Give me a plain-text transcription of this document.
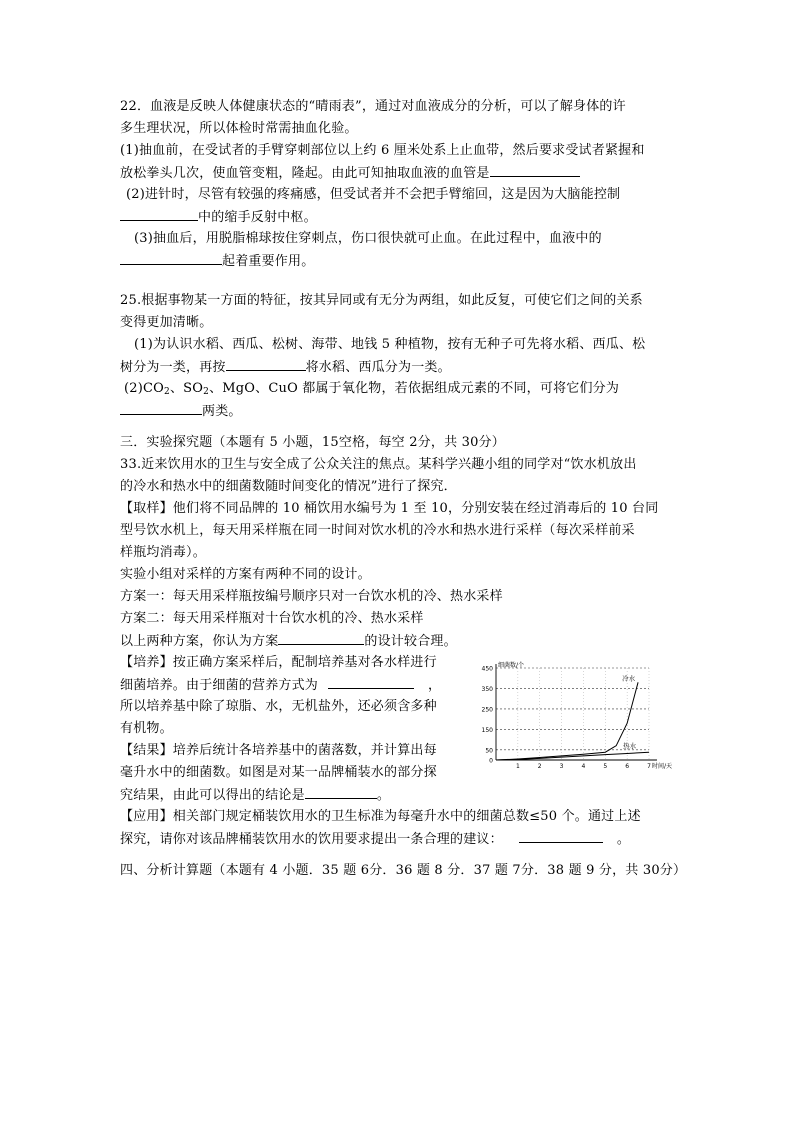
22．血液是反映人体健康状态的“晴雨表”，通过对血液成分的分析，可以了解身体的许
多生理状况，所以体检时常需抽血化验。
(1)抽血前，在受试者的手臂穿刺部位以上约 6 厘米处系上止血带，然后要求受试者紧握和
放松拳头几次，使血管变粗，隆起。由此可知抽取血液的血管是
(2)进针时，尽管有较强的疼痛感，但受试者并不会把手臂缩回，这是因为大脑能控制
中的缩手反射中枢。
(3)抽血后，用脱脂棉球按住穿刺点，伤口很快就可止血。在此过程中，血液中的
起着重要作用。
25.根据事物某一方面的特征，按其异同或有无分为两组，如此反复，可使它们之间的关系
变得更加清晰。
(1)为认识水稻、西瓜、松树、海带、地钱 5 种植物，按有无种子可先将水稻、西瓜、松
树分为一类，再按	将水稻、西瓜分为一类。
$(2)CO_2$、$SO_2$、MgO、CuO 都属于氧化物，若依据组成元素的不同，可将它们分为
两类。
三．实验探究题（本题有 5 小题，15空格，每空 2分，共 30分）
33.近来饮用水的卫生与安全成了公众关注的焦点。某科学兴趣小组的同学对“饮水机放出
的冷水和热水中的细菌数随时间变化的情况”进行了探究．
【取样】他们将不同品牌的 10 桶饮用水编号为 1 至 10，分别安装在经过消毒后的 10 台同
型号饮水机上，每天用采样瓶在同一时间对饮水机的冷水和热水进行采样（每次采样前采
样瓶均消毒）。
实验小组对采样的方案有两种不同的设计。
方案一：每天用采样瓶按编号顺序只对一台饮水机的冷、热水采样
方案二：每天用采样瓶对十台饮水机的冷、热水采样
以上两种方案，你认为方案	的设计较合理。
【培养】按正确方案采样后，配制培养基对各水样进行
细菌培养。由于细菌的营养方式为	，
所以培养基中除了琼脂、水，无机盐外，还必须含多种
有机物。
【结果】培养后统计各培养基中的菌落数，并计算出每
毫升水中的细菌数。如图是对某一品牌桶装水的部分探
究结果，由此可以得出的结论是	。
【应用】相关部门规定桶装饮用水的卫生标准为每毫升水中的细菌总数≤50 个。通过上述
探究，请你对该品牌桶装饮用水的饮用要求提出一条合理的建议：	。
四、分析计算题（本题有 4 小题．35 题 6分．36 题 8 分．37 题 7分．38 题 9 分，共 30分）
0
50
150
250
350
450
1	2	3	4	5	6	7
细菌数/个
时间/天
冷水
热水
